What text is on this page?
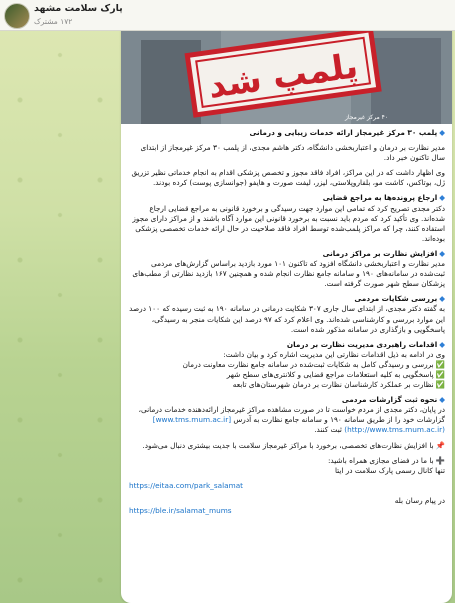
پارک سلامت مشهد
۱۷۲ مشترک
پلمپ شد
۴۰ مرکز غیرمجاز
◆پلمب ۳۰ مرکز غیرمجاز ارائه خدمات زیبایی و درمانی
مدیر نظارت بر درمان و اعتباربخشی دانشگاه، دکتر هاشم مجدی، از پلمب ۳۰ مرکز غیرمجاز از ابتدای سال تاکنون خبر داد.
وی اظهار داشت که در این مراکز، افراد فاقد مجوز و تخصص پزشکی اقدام به انجام خدماتی نظیر تزریق ژل، بوتاکس، کاشت مو، بلفاروپلاستی، لیزر، لیفت صورت و هایفو (جوانسازی پوست) کرده بودند.
◆ارجاع پرونده‌ها به مراجع قضایی
دکتر مجدی تصریح کرد که تمامی این موارد جهت رسیدگی و برخورد قانونی به مراجع قضایی ارجاع شده‌اند. وی تأکید کرد که مردم باید نسبت به برخورد قانونی این موارد آگاه باشند و از مراکز دارای مجوز استفاده کنند، چرا که مراکز پلمب‌شده توسط افراد فاقد صلاحیت در حال ارائه خدمات تخصصی پزشکی بوده‌اند.
◆افزایش نظارت بر مراکز درمانی
مدیر نظارت و اعتباربخشی دانشگاه افزود که تاکنون ۱۰۱ مورد بازدید براساس گزارش‌های مردمی ثبت‌شده در سامانه‌های ۱۹۰ و سامانه جامع نظارت انجام شده و همچنین ۱۶۷ بازدید نظارتی از مطب‌های پزشکان سطح شهر صورت گرفته است.
◆بررسی شکایات مردمی
به گفته دکتر مجدی، از ابتدای سال جاری ۳۰۷ شکایت درمانی در سامانه ۱۹۰ به ثبت رسیده که ۱۰۰ درصد این موارد بررسی و کارشناسی شده‌اند. وی اعلام کرد که ۹۷ درصد این شکایات منجر به رسیدگی، پاسخگویی و بازگذاری در سامانه مذکور شده است.
◆اقدامات راهبردی مدیریت نظارت بر درمان
وی در ادامه به ذیل اقدامات نظارتی این مدیریت اشاره کرد و بیان داشت:
✅بررسی و رسیدگی کامل به شکایات ثبت‌شده در سامانه جامع نظارت معاونت درمان
✅پاسخگویی به کلیه استعلامات مراجع قضایی و کلانتری‌های سطح شهر
✅نظارت بر عملکرد کارشناسان نظارت بر درمان شهرستان‌های تابعه
◆نحوه ثبت گزارشات مردمی
در پایان، دکتر مجدی از مردم خواست تا در صورت مشاهده مراکز غیرمجاز ارائه‌دهنده خدمات درمانی، گزارشات خود را از طریق سامانه ۱۹۰ و سامانه جامع نظارت به آدرس [www.tms.mum.ac.ir](http://www.tms.mum.ac.ir) ثبت کنند.
📌با افزایش نظارت‌های تخصصی، برخورد با مراکز غیرمجاز سلامت با جدیت بیشتری دنبال می‌شود.
➕با ما در فضای مجازی همراه باشید:
تنها کانال رسمی پارک سلامت در ایتا
https://eitaa.com/park_salamat
در پیام رسان بله
https://ble.ir/salamat_mums
